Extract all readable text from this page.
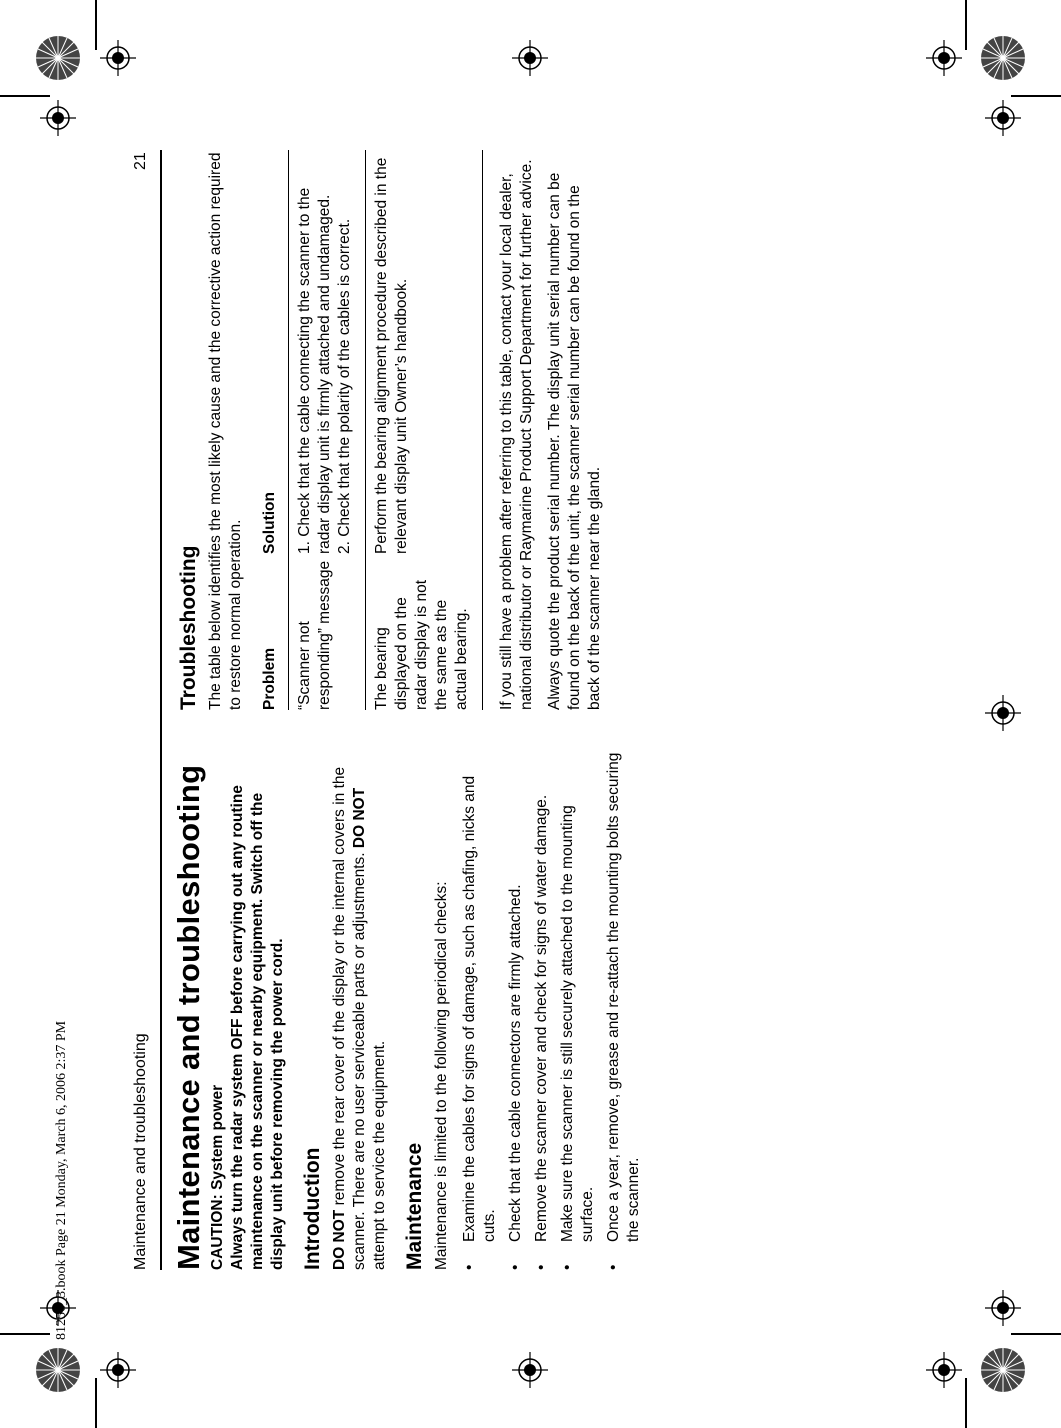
81256_3.book Page 21 Monday, March 6, 2006 2:37 PM	Maintenance and troubleshooting
21
Maintenance and troubleshooting CAUTION: System power Always turn the radar system OFF before carrying out any routine maintenance on the scanner or nearby equipment. Switch off the display unit before removing the power cord. Introduction DO NOT remove the rear cover of the display or the internal covers in the scanner. There are no user serviceable parts or adjustments. DO NOT attempt to service the equipment. Maintenance Maintenance is limited to the following periodical checks: • Examine the cables for signs of damage, such as chafing, nicks and cuts. • Check that the cable connectors are firmly attached. • Remove the scanner cover and check for signs of water damage. • Make sure the scanner is still securely attached to the mounting surface. • Once a year, remove, grease and re-attach the mounting bolts securing the scanner.
Troubleshooting The table below identifies the most likely cause and the corrective action required to restore normal operation. Problem	Solution
“Scanner not responding” message	1. Check that the cable connecting the scanner to the radar display unit is firmly attached and undamaged. 2. Check that the polarity of the cables is correct.

The bearing displayed on the radar display is not the same as the actual bearing.	Perform the bearing alignment procedure described in the relevant display unit Owner’s handbook.	If you still have a problem after referring to this table, contact your local dealer, national distributor or Raymarine Product Support Department for further advice. Always quote the product serial number. The display unit serial number can be found on the back of the unit, the scanner serial number can be found on the back of the scanner near the gland.
